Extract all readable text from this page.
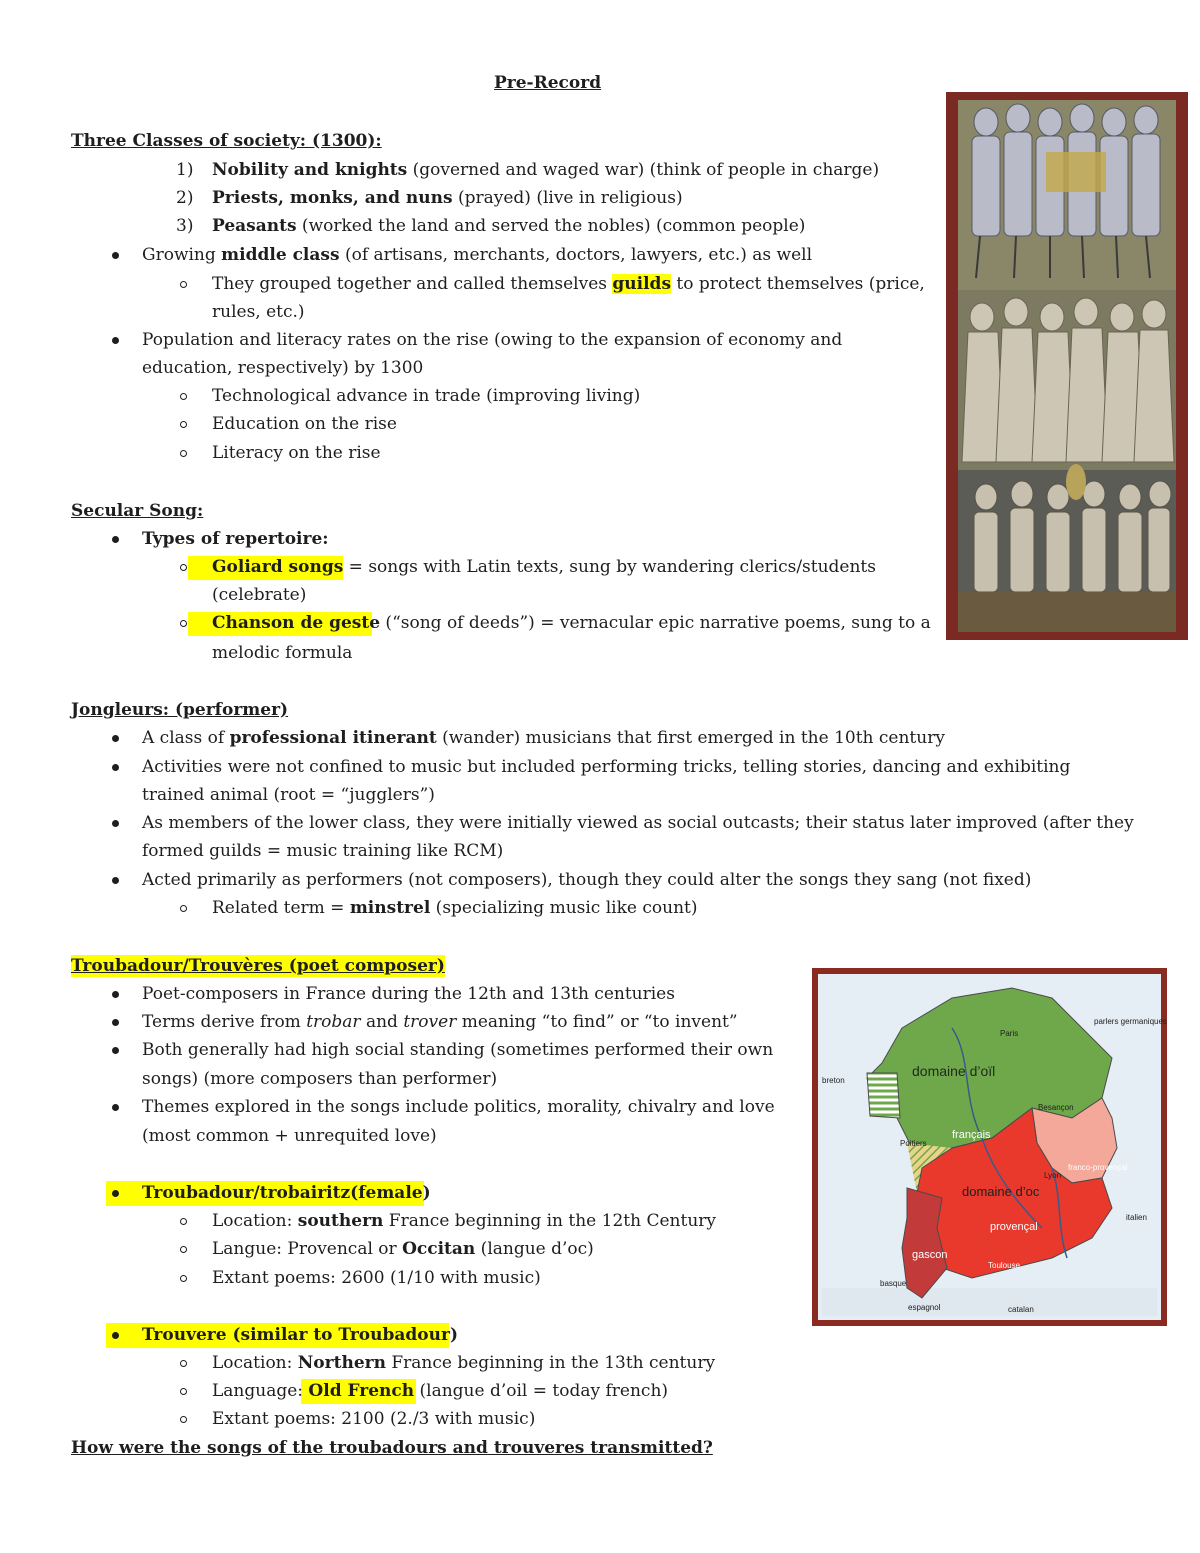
Pre-Record
Three Classes of society: (1300):
1) Nobility and knights (governed and waged war) (think of people in charge)
2) Priests, monks, and nuns (prayed) (live in religious)
3) Peasants (worked the land and served the nobles) (common people)
Growing middle class (of artisans, merchants, doctors, lawyers, etc.) as well
They grouped together and called themselves guilds to protect themselves (price,
rules, etc.)
Population and literacy rates on the rise (owing to the expansion of economy and
education, respectively) by 1300
Technological advance in trade (improving living)
Education on the rise
Literacy on the rise
Secular Song:
Types of repertoire:
Goliard songs = songs with Latin texts, sung by wandering clerics/students
(celebrate)
Chanson de geste (“song of deeds”) = vernacular epic narrative poems, sung to a
melodic formula
Jongleurs: (performer)
A class of professional itinerant (wander) musicians that first emerged in the 10th century
Activities were not confined to music but included performing tricks, telling stories, dancing and exhibiting
trained animal (root = “jugglers”)
As members of the lower class, they were initially viewed as social outcasts; their status later improved (after they
formed guilds = music training like RCM)
Acted primarily as performers (not composers), though they could alter the songs they sang (not fixed)
Related term = minstrel (specializing music like count)
Troubadour/Trouvères (poet composer)
Poet-composers in France during the 12th and 13th centuries
Terms derive from trobar and trover meaning “to find” or “to invent”
Both generally had high social standing (sometimes performed their own
songs) (more composers than performer)
Themes explored in the songs include politics, morality, chivalry and love
(most common + unrequited love)
Troubadour/trobairitz(female)
Location: southern France beginning in the 12th Century
Langue: Provencal or Occitan (langue d’oc)
Extant poems: 2600 (1/10 with music)
Trouvere (similar to Troubadour)
Location: Northern France beginning in the 13th century
Language: Old French (langue d’oil = today french)
Extant poems: 2100 (2./3 with music)
How were the songs of the troubadours and trouveres transmitted?
parlers germaniques
Paris
domaine d’oïl
français
Besançon
Poitiers
Lyon
franco-provençal
domaine d’oc
provençal
gascon
Toulouse
italien
basque
espagnol	catalan
breton
